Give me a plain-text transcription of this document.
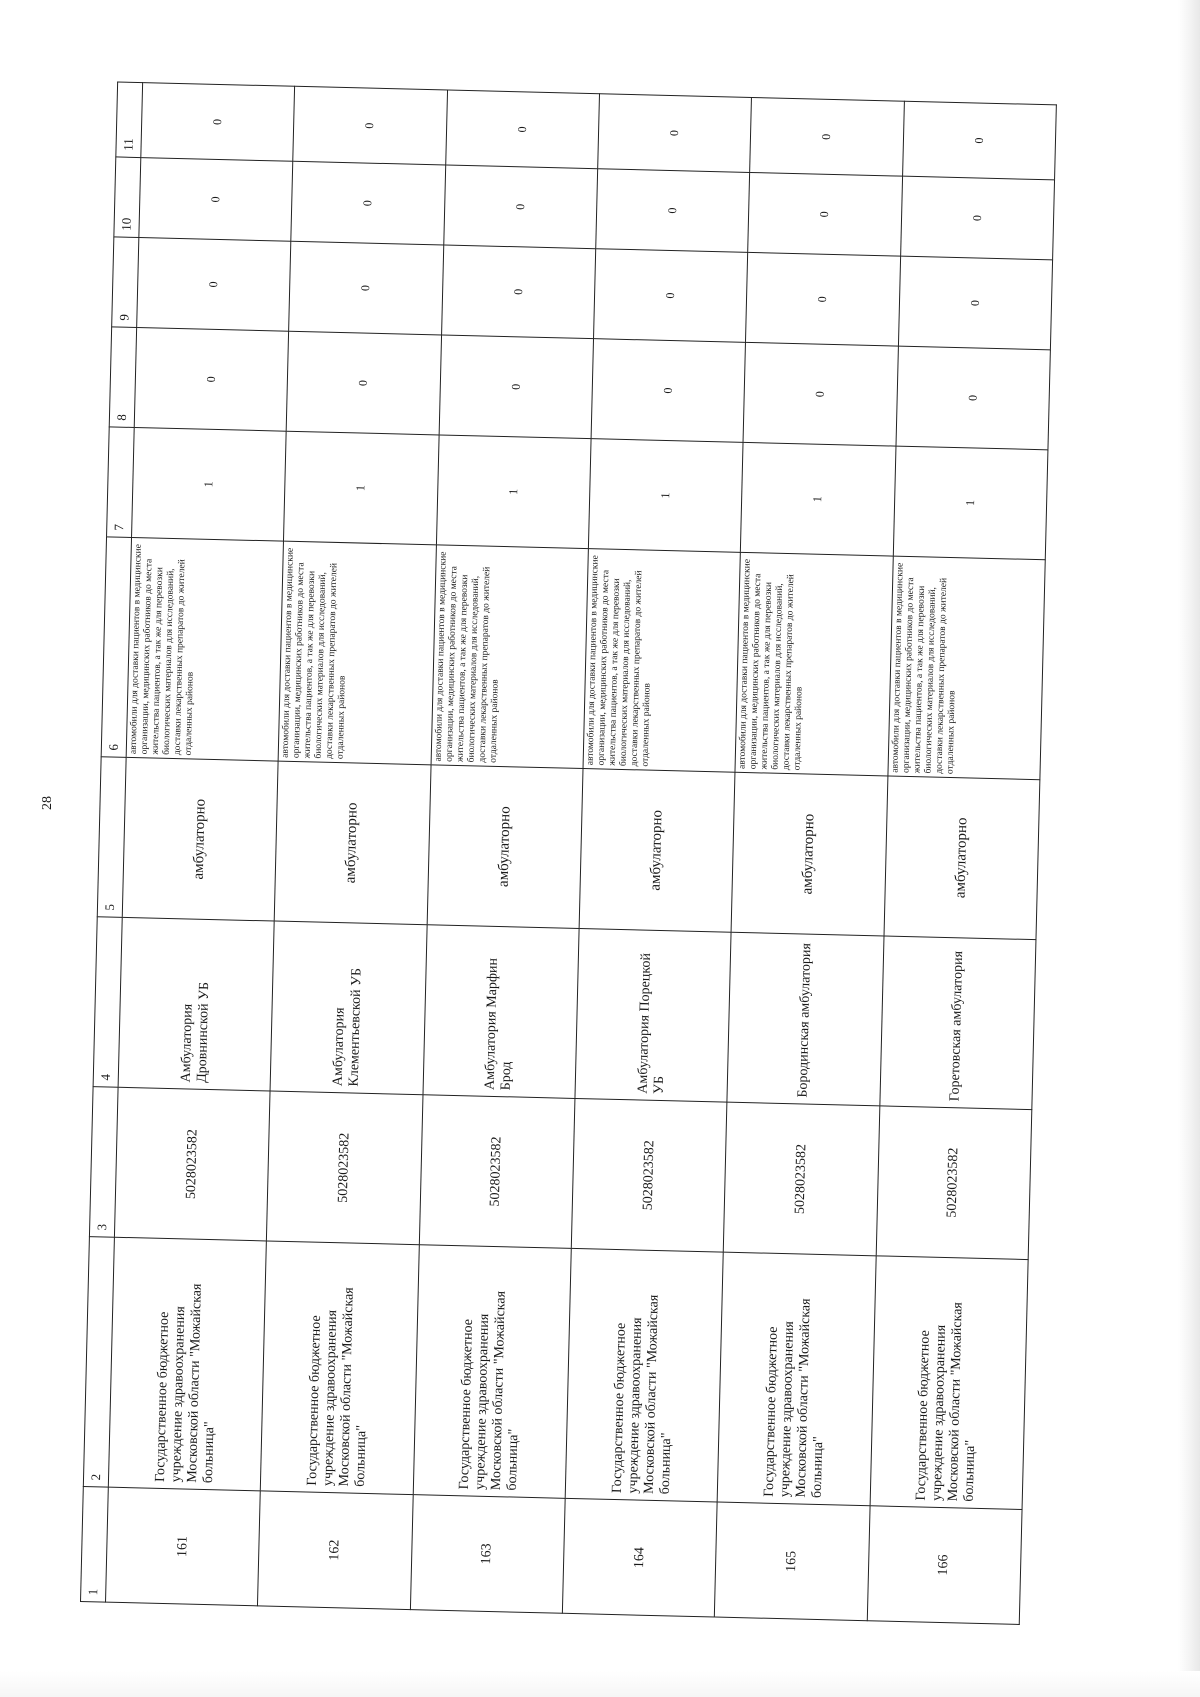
28
1	2	3	4	5	6	7	8	9	10	11
161	Государственное бюджетное учреждение здравоохранения Московской области "Можайская больница"	5028023582	Амбулатория Дровнинской УБ	амбулаторно	автомобили для доставки пациентов в медицинские организации, медицинских работников до места жительства пациентов, а так же для перевозки биологических материалов для исследований, доставки лекарственных препаратов до жителей отдаленных районов	1	0	0	0	0
162	Государственное бюджетное учреждение здравоохранения Московской области "Можайская больница"	5028023582	Амбулатория Клементьевской УБ	амбулаторно	автомобили для доставки пациентов в медицинские организации, медицинских работников до места жительства пациентов, а так же для перевозки биологических материалов для исследований, доставки лекарственных препаратов до жителей отдаленных районов	1	0	0	0	0
163	Государственное бюджетное учреждение здравоохранения Московской области "Можайская больница"	5028023582	Амбулатория Марфин Брод	амбулаторно	автомобили для доставки пациентов в медицинские организации, медицинских работников до места жительства пациентов, а так же для перевозки биологических материалов для исследований, доставки лекарственных препаратов до жителей отдаленных районов	1	0	0	0	0
164	Государственное бюджетное учреждение здравоохранения Московской области "Можайская больница"	5028023582	Амбулатория Порецкой УБ	амбулаторно	автомобили для доставки пациентов в медицинские организации, медицинских работников до места жительства пациентов, а так же для перевозки биологических материалов для исследований, доставки лекарственных препаратов до жителей отдаленных районов	1	0	0	0	0
165	Государственное бюджетное учреждение здравоохранения Московской области "Можайская больница"	5028023582	Бородинская амбулатория	амбулаторно	автомобили для доставки пациентов в медицинские организации, медицинских работников до места жительства пациентов, а так же для перевозки биологических материалов для исследований, доставки лекарственных препаратов до жителей отдаленных районов	1	0	0	0	0
166	Государственное бюджетное учреждение здравоохранения Московской области "Можайская больница"	5028023582	Горетовская амбулатория	амбулаторно	автомобили для доставки пациентов в медицинские организации, медицинских работников до места жительства пациентов, а так же для перевозки биологических материалов для исследований, доставки лекарственных препаратов до жителей отдаленных районов	1	0	0	0	0
